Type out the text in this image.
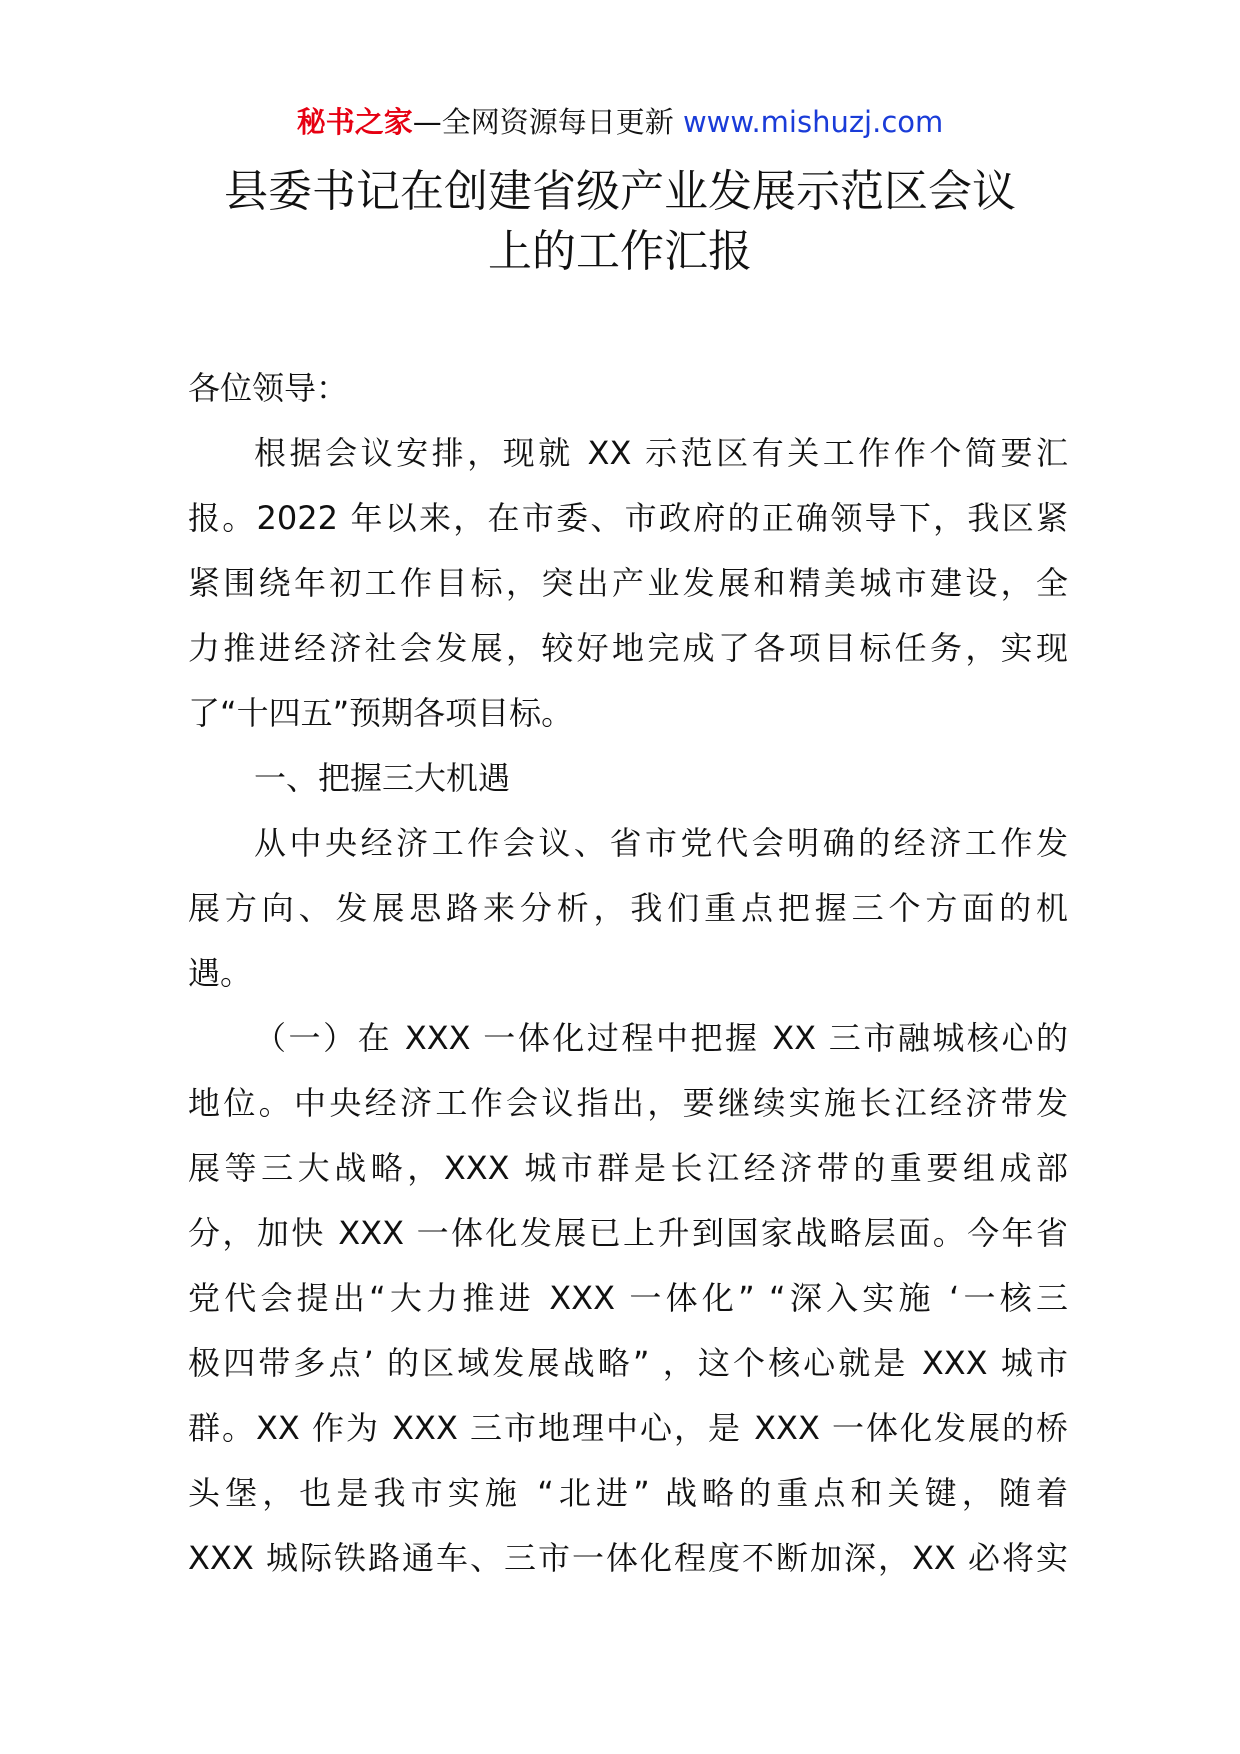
秘书之家—全网资源每日更新 www.mishuzj.com
县委书记在创建省级产业发展示范区会议
上的工作汇报
各位领导：
根据会议安排，现就 XX 示范区有关工作作个简要汇
报。2022 年以来，在市委、市政府的正确领导下，我区紧
紧围绕年初工作目标，突出产业发展和精美城市建设，全
力推进经济社会发展，较好地完成了各项目标任务，实现
了“十四五”预期各项目标。
一、把握三大机遇
从中央经济工作会议、省市党代会明确的经济工作发
展方向、发展思路来分析，我们重点把握三个方面的机
遇。
（一）在 XXX 一体化过程中把握 XX 三市融城核心的
地位。中央经济工作会议指出，要继续实施长江经济带发
展等三大战略，XXX 城市群是长江经济带的重要组成部
分，加快 XXX 一体化发展已上升到国家战略层面。今年省
党代会提出“大力推进 XXX 一体化” “深入实施 ‘一核三
极四带多点’ 的区域发展战略” ，这个核心就是 XXX 城市
群。XX 作为 XXX 三市地理中心，是 XXX 一体化发展的桥
头堡，也是我市实施 “北进” 战略的重点和关键，随着
XXX 城际铁路通车、三市一体化程度不断加深，XX 必将实
